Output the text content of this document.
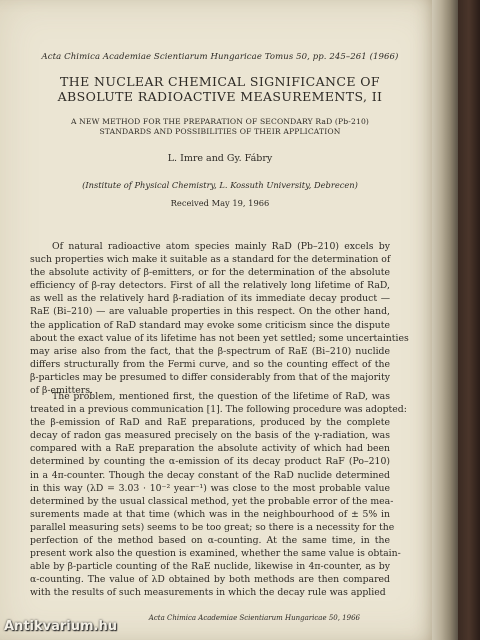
Acta Chimica Academiae Scientiarum Hungaricae Tomus 50, pp. 245–261 (1966)
THE NUCLEAR CHEMICAL SIGNIFICANCE OF
ABSOLUTE RADIOACTIVE MEASUREMENTS, II
A NEW METHOD FOR THE PREPARATION OF SECONDARY RaD (Pb-210)
STANDARDS AND POSSIBILITIES OF THEIR APPLICATION
L. Imre and Gy. Fábry
(Institute of Physical Chemistry, L. Kossuth University, Debrecen)
Received May 19, 1966
Of natural radioactive atom species mainly RaD (Pb–210) excels by
such properties wich make it suitable as a standard for the determination of
the absolute activity of β-emitters, or for the determination of the absolute
efficiency of β-ray detectors. First of all the relatively long lifetime of RaD,
as well as the relatively hard β-radiation of its immediate decay product —
RaE (Bi–210) — are valuable properties in this respect. On the other hand,
the application of RaD standard may evoke some criticism since the dispute
about the exact value of its lifetime has not been yet settled; some uncertainties
may arise also from the fact, that the β-spectrum of RaE (Bi–210) nuclide
differs structurally from the Fermi curve, and so the counting effect of the
β-particles may be presumed to differ considerably from that of the majority
of β-emitters.
The problem, mentioned first, the question of the lifetime of RaD, was
treated in a previous communication [1]. The following procedure was adopted:
the β-emission of RaD and RaE preparations, produced by the complete
decay of radon gas measured precisely on the basis of the γ-radiation, was
compared with a RaE preparation the absolute activity of which had been
determined by counting the α-emission of its decay product RaF (Po–210)
in a 4π-counter. Though the decay constant of the RaD nuclide determined
in this way (λD = 3.03 · 10⁻² year⁻¹) was close to the most probable value
determined by the usual classical method, yet the probable error of the mea-
surements made at that time (which was in the neighbourhood of ± 5% in
parallel measuring sets) seems to be too great; so there is a necessity for the
perfection of the method based on α-counting. At the same time, in the
present work also the question is examined, whether the same value is obtain-
able by β-particle counting of the RaE nuclide, likewise in 4π-counter, as by
α-counting. The value of λD obtained by both methods are then compared
with the results of such measurements in which the decay rule was applied
Acta Chimica Academiae Scientiarum Hungaricae 50, 1966
Antikvarium.hu
